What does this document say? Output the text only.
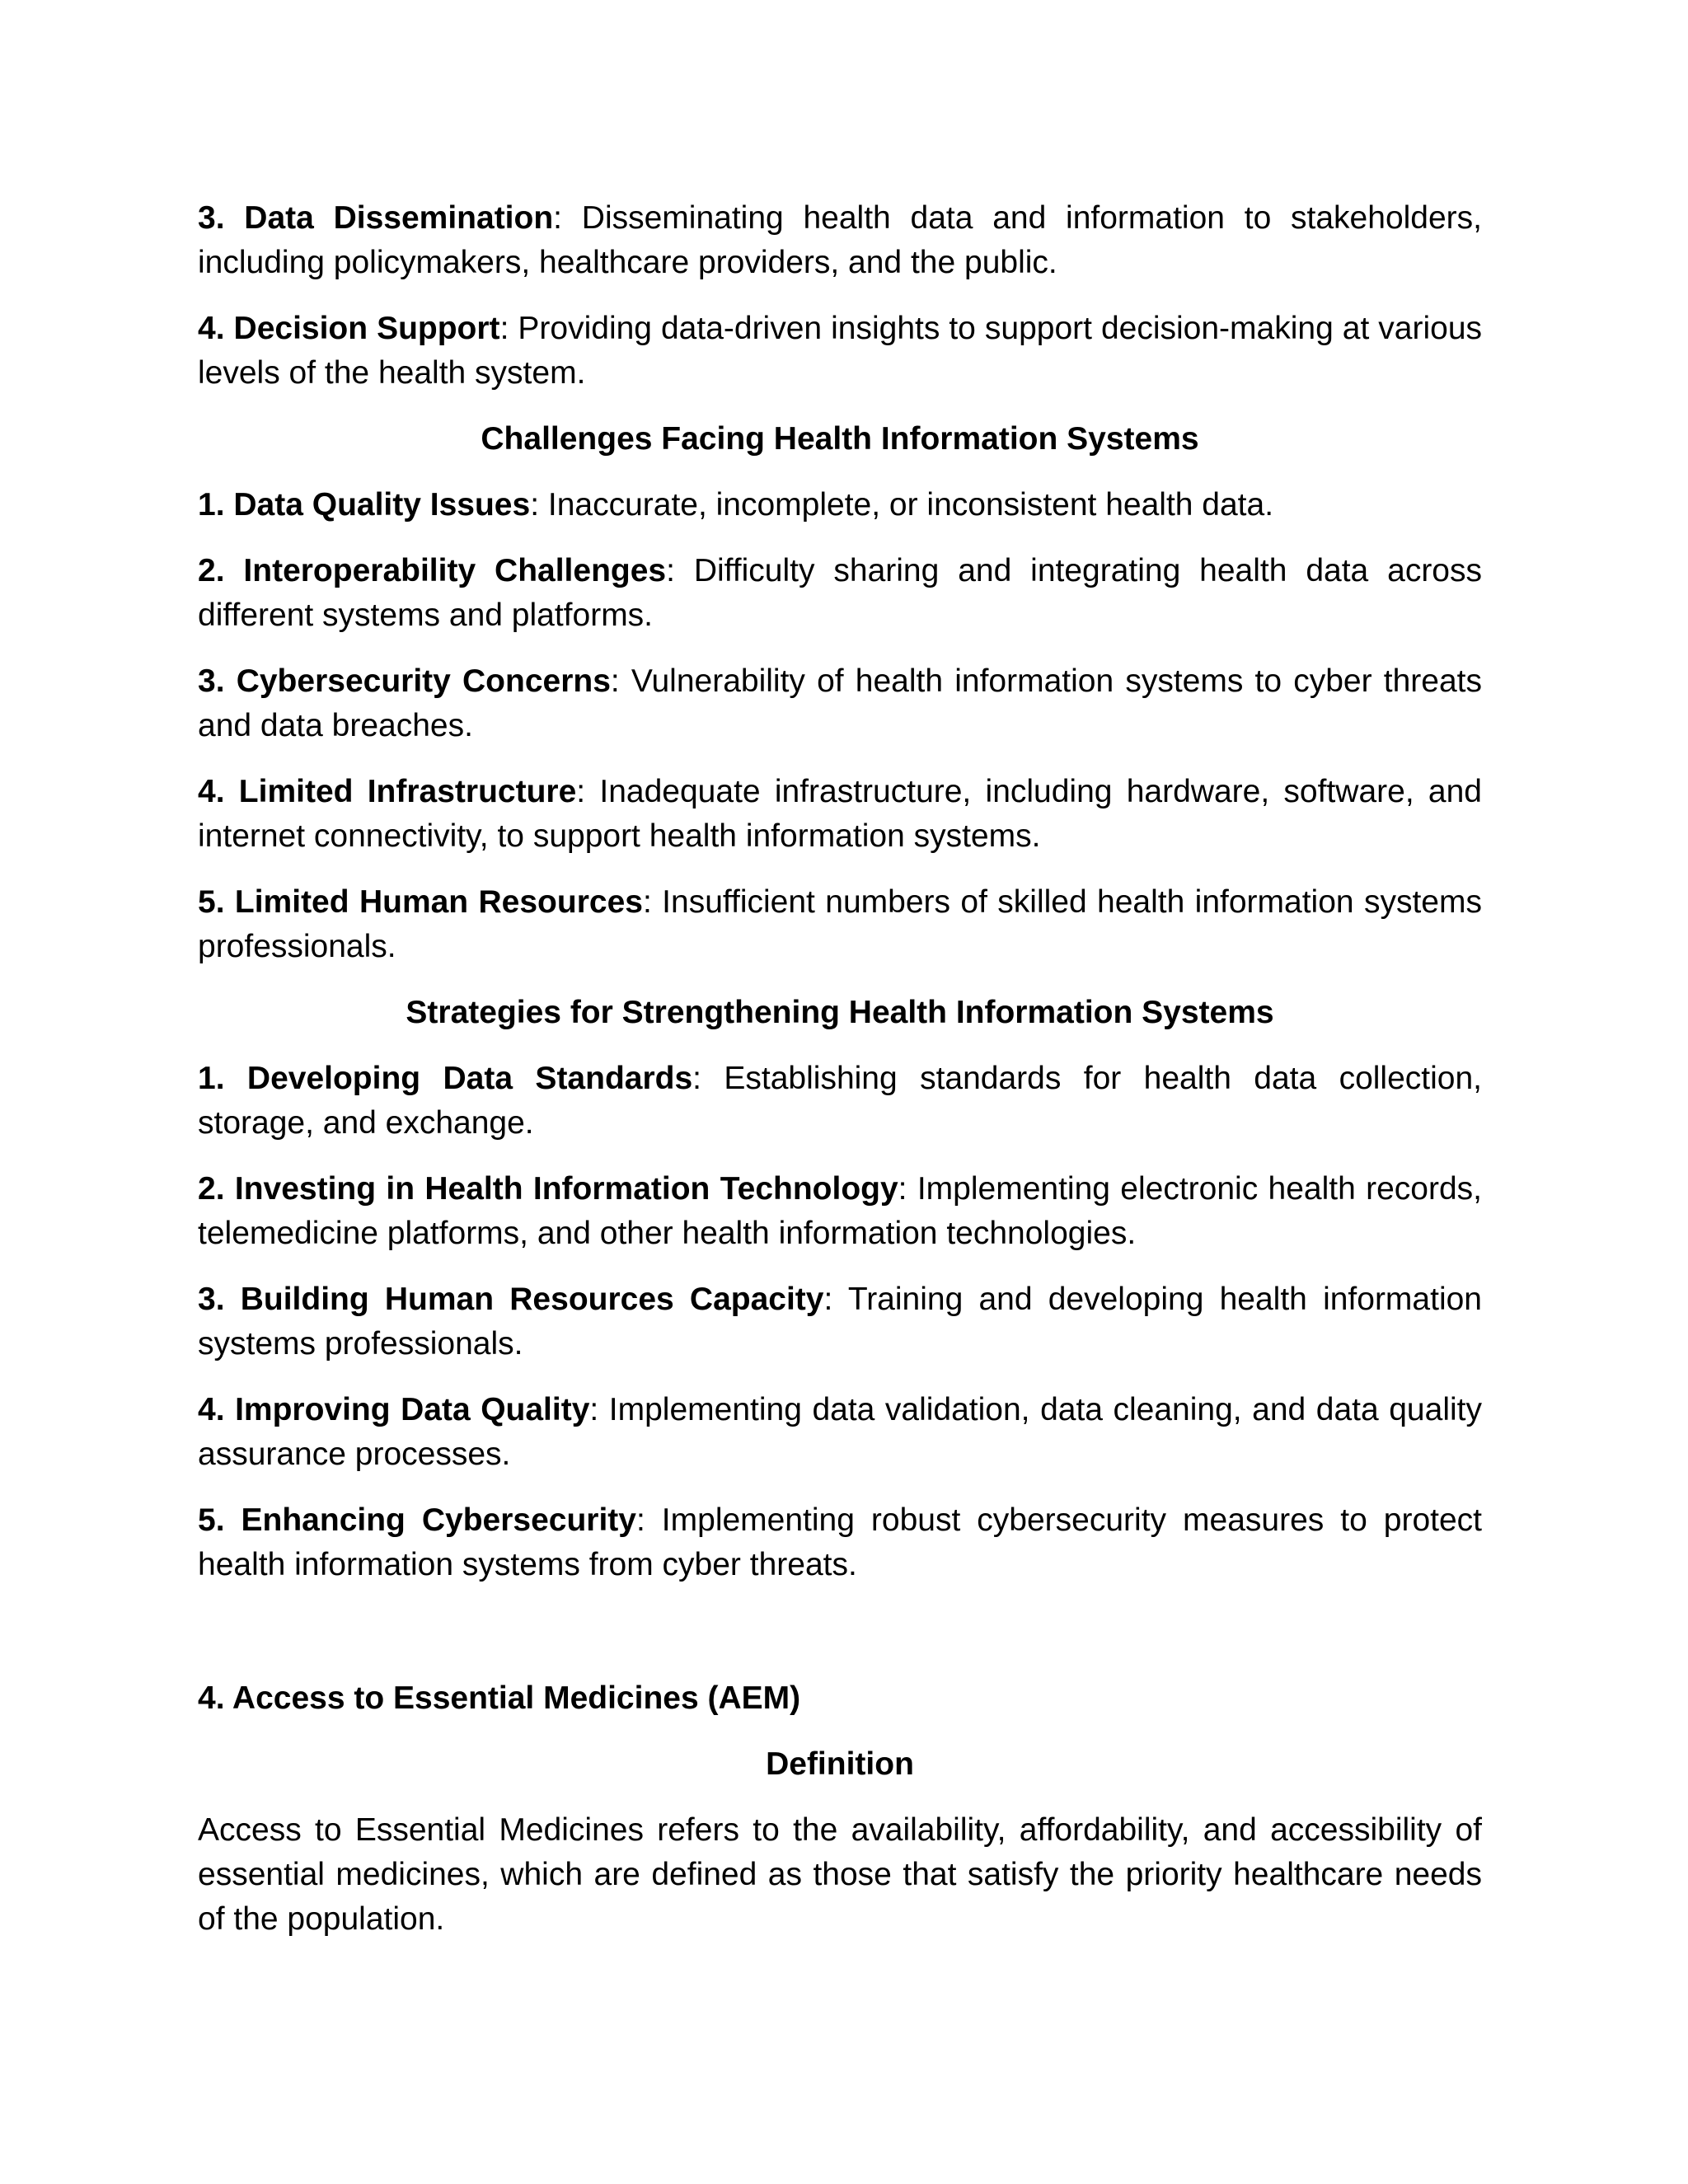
3. Data Dissemination: Disseminating health data and information to stakeholders, including policymakers, healthcare providers, and the public.

4. Decision Support: Providing data-driven insights to support decision-making at various levels of the health system.

Challenges Facing Health Information Systems

1. Data Quality Issues: Inaccurate, incomplete, or inconsistent health data.

2. Interoperability Challenges: Difficulty sharing and integrating health data across different systems and platforms.

3. Cybersecurity Concerns: Vulnerability of health information systems to cyber threats and data breaches.

4. Limited Infrastructure: Inadequate infrastructure, including hardware, software, and internet connectivity, to support health information systems.

5. Limited Human Resources: Insufficient numbers of skilled health information systems professionals.

Strategies for Strengthening Health Information Systems

1. Developing Data Standards: Establishing standards for health data collection, storage, and exchange.

2. Investing in Health Information Technology: Implementing electronic health records, telemedicine platforms, and other health information technologies.

3. Building Human Resources Capacity: Training and developing health information systems professionals.

4. Improving Data Quality: Implementing data validation, data cleaning, and data quality assurance processes.

5. Enhancing Cybersecurity: Implementing robust cybersecurity measures to protect health information systems from cyber threats.

4. Access to Essential Medicines (AEM)
Definition

Access to Essential Medicines refers to the availability, affordability, and accessibility of essential medicines, which are defined as those that satisfy the priority healthcare needs of the population.
